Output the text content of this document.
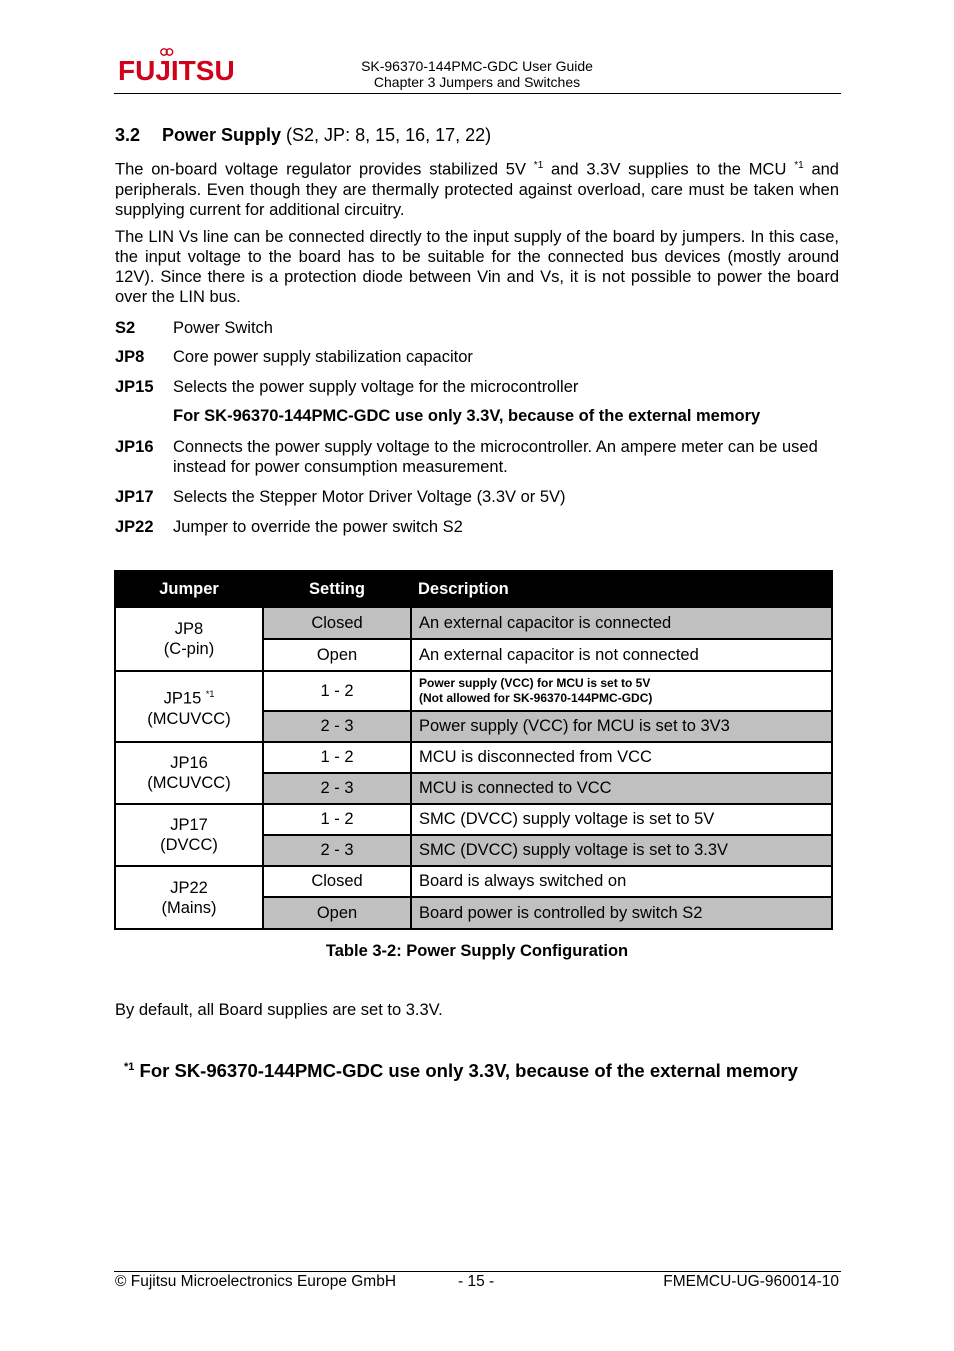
FUJITSU	SK-96370-144PMC-GDC User Guide
Chapter 3 Jumpers and Switches
3.2 Power Supply (S2, JP: 8, 15, 16, 17, 22)
The on-board voltage regulator provides stabilized 5V $^{*1}$ and 3.3V supplies to the MCU $^{*1}$ and peripherals. Even though they are thermally protected against overload, care must be taken when supplying current for additional circuitry.
The LIN Vs line can be connected directly to the input supply of the board by jumpers. In this case, the input voltage to the board has to be suitable for the connected bus devices (mostly around 12V). Since there is a protection diode between Vin and Vs, it is not possible to power the board over the LIN bus.
S2 Power Switch
JP8 Core power supply stabilization capacitor
JP15 Selects the power supply voltage for the microcontroller
For SK-96370-144PMC-GDC use only 3.3V, because of the external memory
JP16 Connects the power supply voltage to the microcontroller. An ampere meter can be used instead for power consumption measurement.
JP17 Selects the Stepper Motor Driver Voltage (3.3V or 5V)
JP22 Jumper to override the power switch S2
Jumper	Setting	Description
JP8
(C-pin)	Closed	An external capacitor is connected
	Open	An external capacitor is not connected
JP15 $^{*1}$
(MCUVCC)	1 - 2	Power supply (VCC) for MCU is set to 5V
(Not allowed for SK-96370-144PMC-GDC)
	2 - 3	Power supply (VCC) for MCU is set to 3V3
JP16
(MCUVCC)	1 - 2	MCU is disconnected from VCC
	2 - 3	MCU is connected to VCC
JP17
(DVCC)	1 - 2	SMC (DVCC) supply voltage is set to 5V
	2 - 3	SMC (DVCC) supply voltage is set to 3.3V
JP22
(Mains)	Closed	Board is always switched on
	Open	Board power is controlled by switch S2
Table 3-2: Power Supply Configuration
By default, all Board supplies are set to 3.3V.
$^{*1}$ For SK-96370-144PMC-GDC use only 3.3V, because of the external memory
© Fujitsu Microelectronics Europe GmbH	- 15 -	FMEMCU-UG-960014-10
